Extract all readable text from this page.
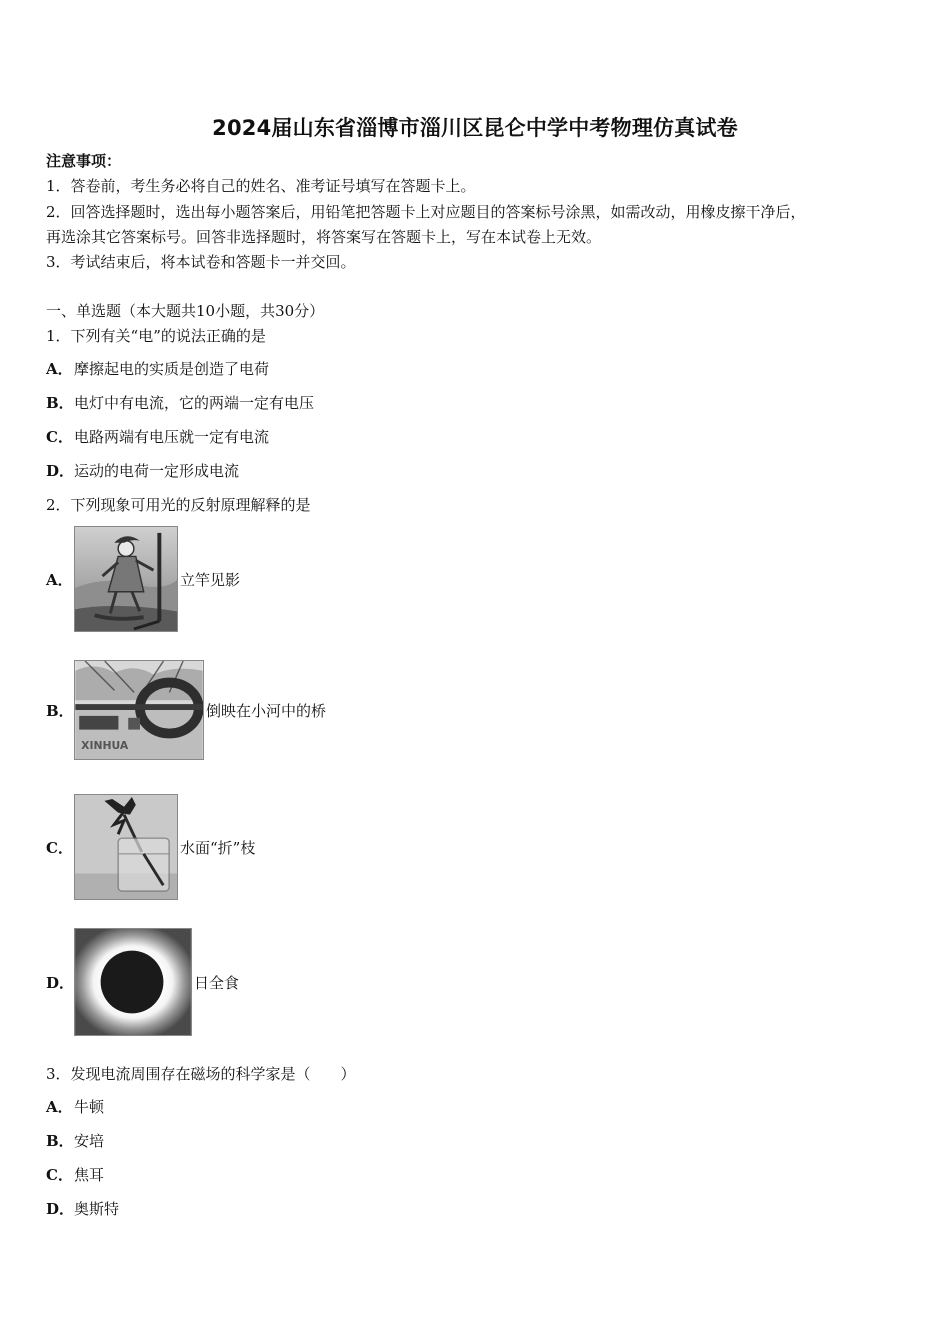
2024届山东省淄博市淄川区昆仑中学中考物理仿真试卷
注意事项：
1．答卷前，考生务必将自己的姓名、准考证号填写在答题卡上。
2．回答选择题时，选出每小题答案后，用铅笔把答题卡上对应题目的答案标号涂黑，如需改动，用橡皮擦干净后，
再选涂其它答案标号。回答非选择题时，将答案写在答题卡上，写在本试卷上无效。
3．考试结束后，将本试卷和答题卡一并交回。
一、单选题（本大题共10小题，共30分）
1．下列有关“电”的说法正确的是
A．摩擦起电的实质是创造了电荷
B．电灯中有电流，它的两端一定有电压
C．电路两端有电压就一定有电流
D．运动的电荷一定形成电流
2．下列现象可用光的反射原理解释的是
A．	立竿见影
B．
XINHUA
倒映在小河中的桥
C．	水面“折”枝
D．	日全食
3．发现电流周围存在磁场的科学家是（　　）
A．牛顿
B．安培
C．焦耳
D．奥斯特
